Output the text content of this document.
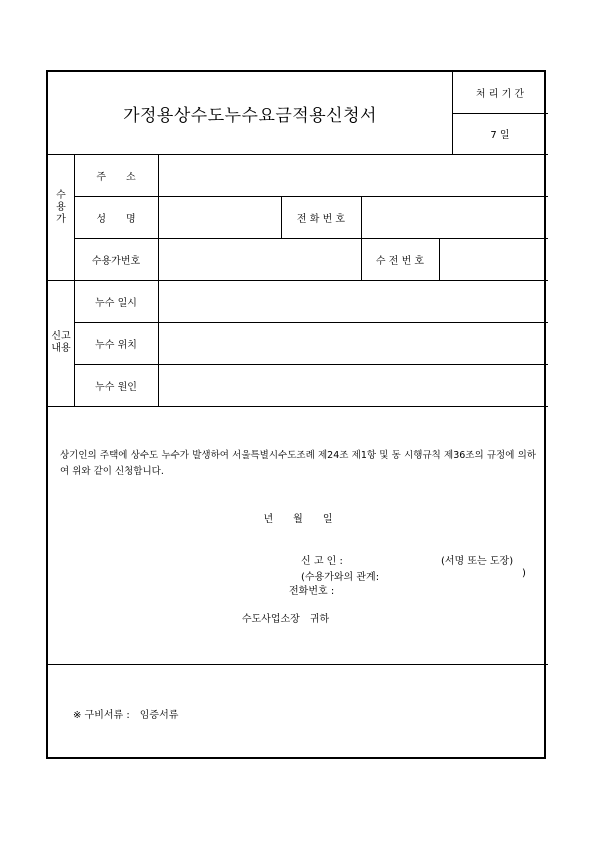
가정용상수도누수요금적용신청서
처 리 기 간
7 일
수
용
가
주　　소
성　　명	전 화 번 호
수용가번호	수 전 번 호
신고
내용
누수 일시
누수 위치
누수 원인
상기인의 주택에 상수도 누수가 발생하여 서울특별시수도조례 제24조 제1항 및 동 시행규칙 제36조의 규정에 의하여 위와 같이 신청합니다.
년　　월　　일
신 고 인 :	(서명 또는 도장)
(수용가와의 관계:	)
전화번호 :
수도사업소장　귀하
※ 구비서류 :　임증서류
